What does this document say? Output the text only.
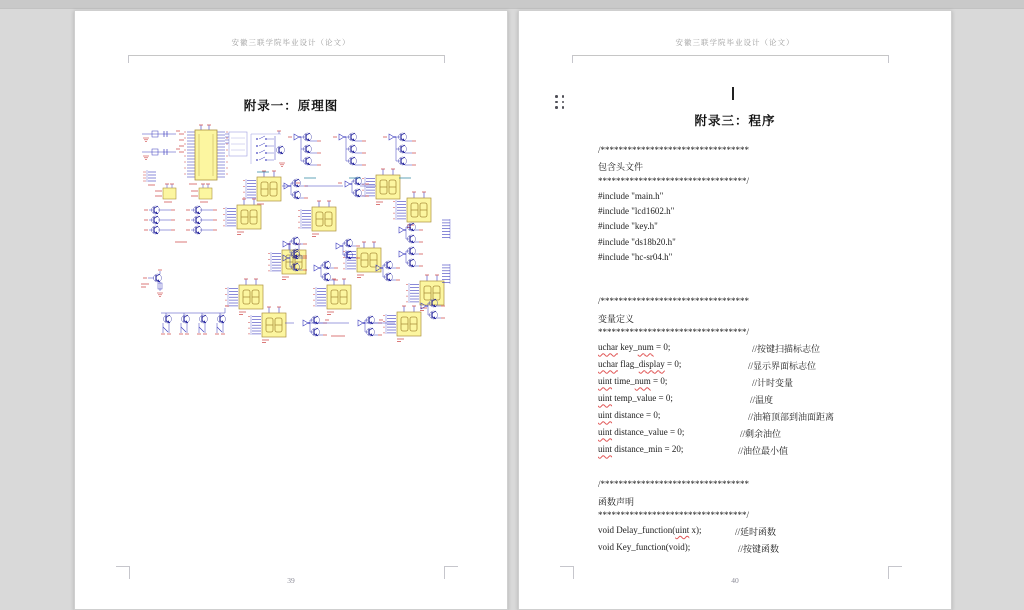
安徽三联学院毕业设计（论文）
附录一：原理图
39
安徽三联学院毕业设计（论文）
附录三：程序
/*********************************
包含头文件
*********************************/
#include "main.h"
#include "lcd1602.h"
#include "key.h"
#include "ds18b20.h"
#include "hc-sr04.h"
/*********************************
变量定义
*********************************/
uchar key_num = 0;	//按键扫描标志位
uchar flag_display = 0;	//显示界面标志位
uint time_num = 0;	//计时变量
uint temp_value = 0;	//温度
uint distance = 0;	//油箱顶部到油面距离
uint distance_value = 0;	//剩余油位
uint distance_min = 20;	//油位最小值
/*********************************
函数声明
*********************************/
void Delay_function(uint x);	//延时函数
void Key_function(void);	//按键函数
40
